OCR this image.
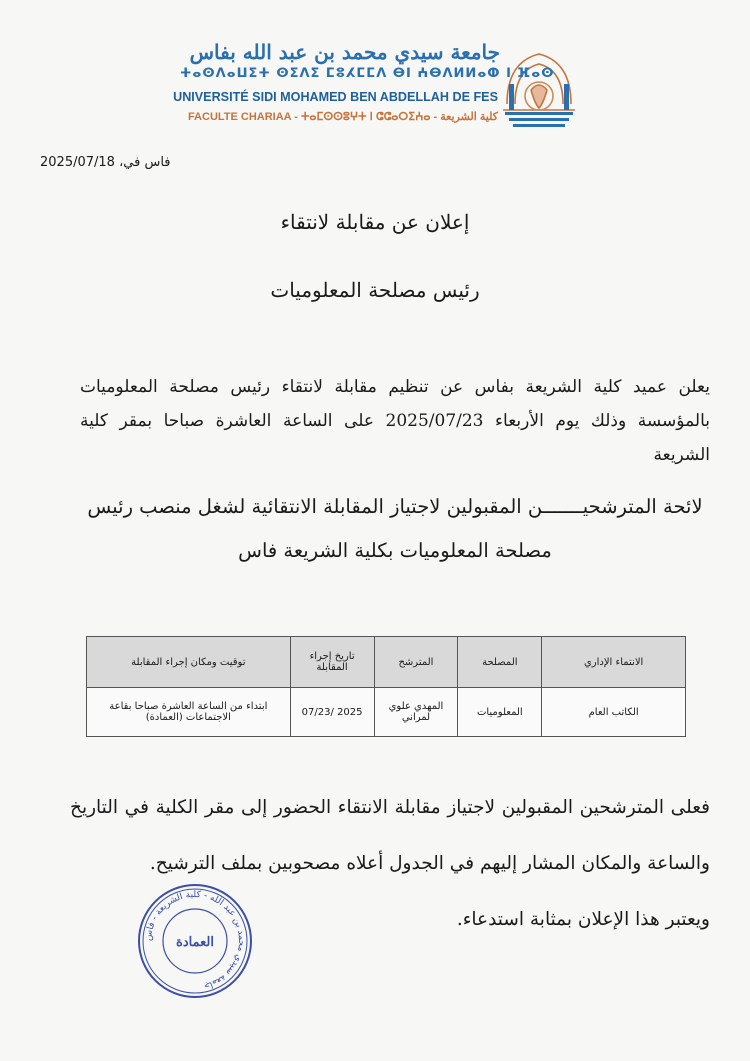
جامعة سيدي محمد بن عبد الله بفاس
ⵜⴰⵙⴷⴰⵡⵉⵜ ⵙⵉⴷⵉ ⵎⵓⵃⵎⵎⴷ ⴱⵏ ⵄⴱⴷⵍⵍⴰⵀ ⵏ ⴼⴰⵙ
UNIVERSITÉ SIDI MOHAMED BEN ABDELLAH DE FES
FACULTE CHARIAA - ⵜⴰⵎⵙⵙⵓⵖⵜ ⵏ ⵛⵛⴰⵔⵉⵄⴰ - كلية الشريعة
فاس في، 2025/07/18
إعلان عن مقابلة لانتقاء
رئيس مصلحة المعلوميات
يعلن عميد كلية الشريعة بفاس عن تنظيم مقابلة لانتقاء رئيس مصلحة المعلوميات بالمؤسسة وذلك يوم الأربعاء 2025/07/23 على الساعة العاشرة صباحا بمقر كلية الشريعة
لائحة المترشحيـــــــن المقبولين لاجتياز المقابلة الانتقائية لشغل منصب رئيس مصلحة المعلوميات بكلية الشريعة فاس
الانتماء الإداري	المصلحة	المترشح	تاريخ إجراء المقابلة	توقيت ومكان إجراء المقابلة
الكاتب العام	المعلوميات	المهدي علوي لمراني	2025 /07/23	ابتداء من الساعة العاشرة صباحا بقاعة الاجتماعات (العمادة)
فعلى المترشحين المقبولين لاجتياز مقابلة الانتقاء الحضور إلى مقر الكلية في التاريخ والساعة والمكان المشار إليهم في الجدول أعلاه مصحوبين بملف الترشيح.
ويعتبر هذا الإعلان بمثابة استدعاء.
جامعة سيدي محمد بن عبد الله - كلية الشريعة - فاس
العمادة
